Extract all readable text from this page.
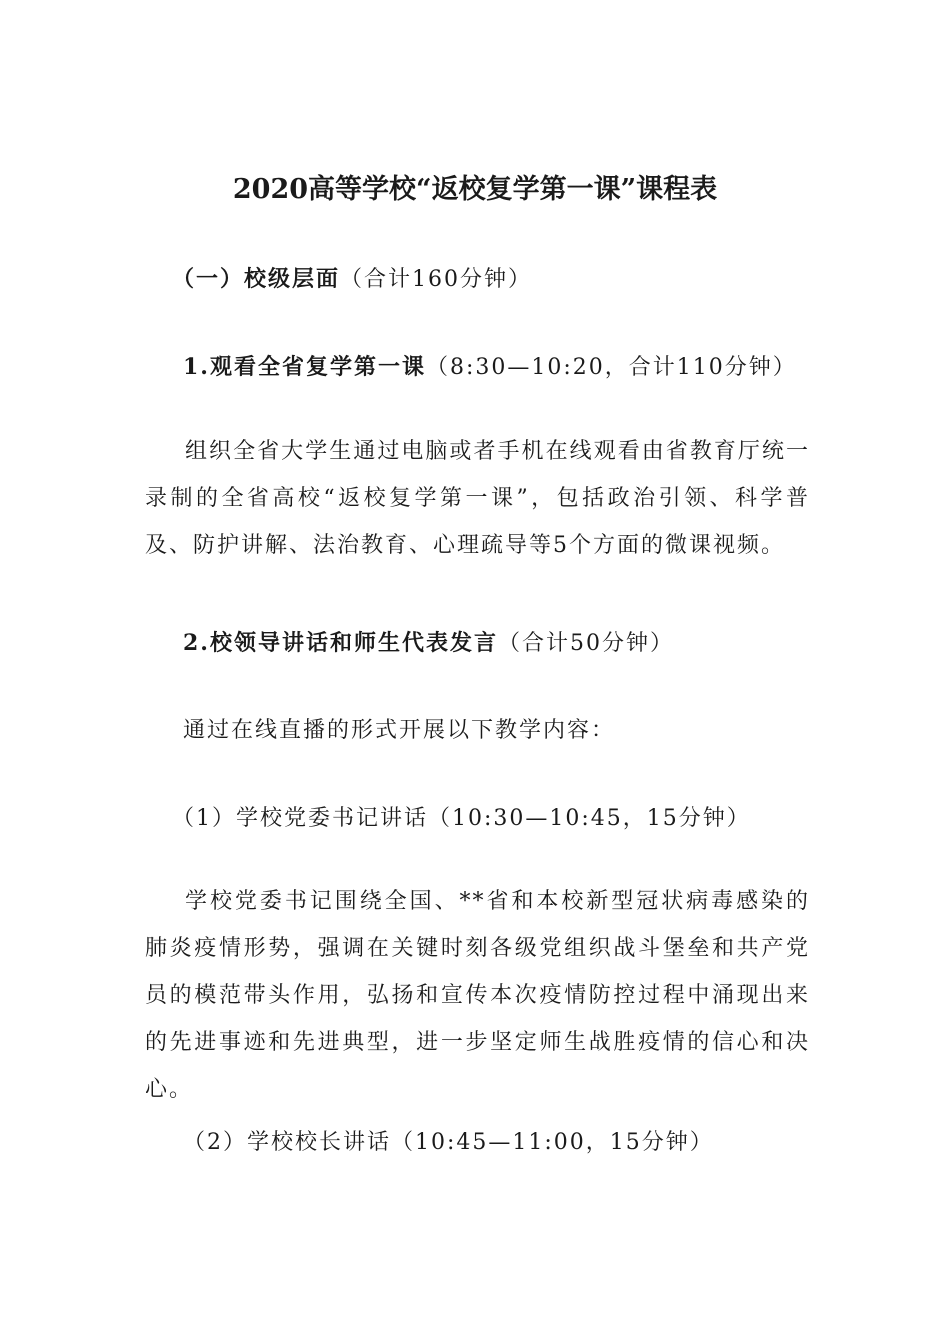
2020高等学校“返校复学第一课”课程表
（一）校级层面（合计160分钟）
1.观看全省复学第一课（8:30—10:20，合计110分钟）

组织全省大学生通过电脑或者手机在线观看由省教育厅统一录制的全省高校“返校复学第一课”，包括政治引领、科学普及、防护讲解、法治教育、心理疏导等5个方面的微课视频。

2.校领导讲话和师生代表发言（合计50分钟）
通过在线直播的形式开展以下教学内容：
（1）学校党委书记讲话（10:30—10:45，15分钟）

学校党委书记围绕全国、**省和本校新型冠状病毒感染的肺炎疫情形势，强调在关键时刻各级党组织战斗堡垒和共产党员的模范带头作用，弘扬和宣传本次疫情防控过程中涌现出来的先进事迹和先进典型，进一步坚定师生战胜疫情的信心和决心。

（2）学校校长讲话（10:45—11:00，15分钟）
